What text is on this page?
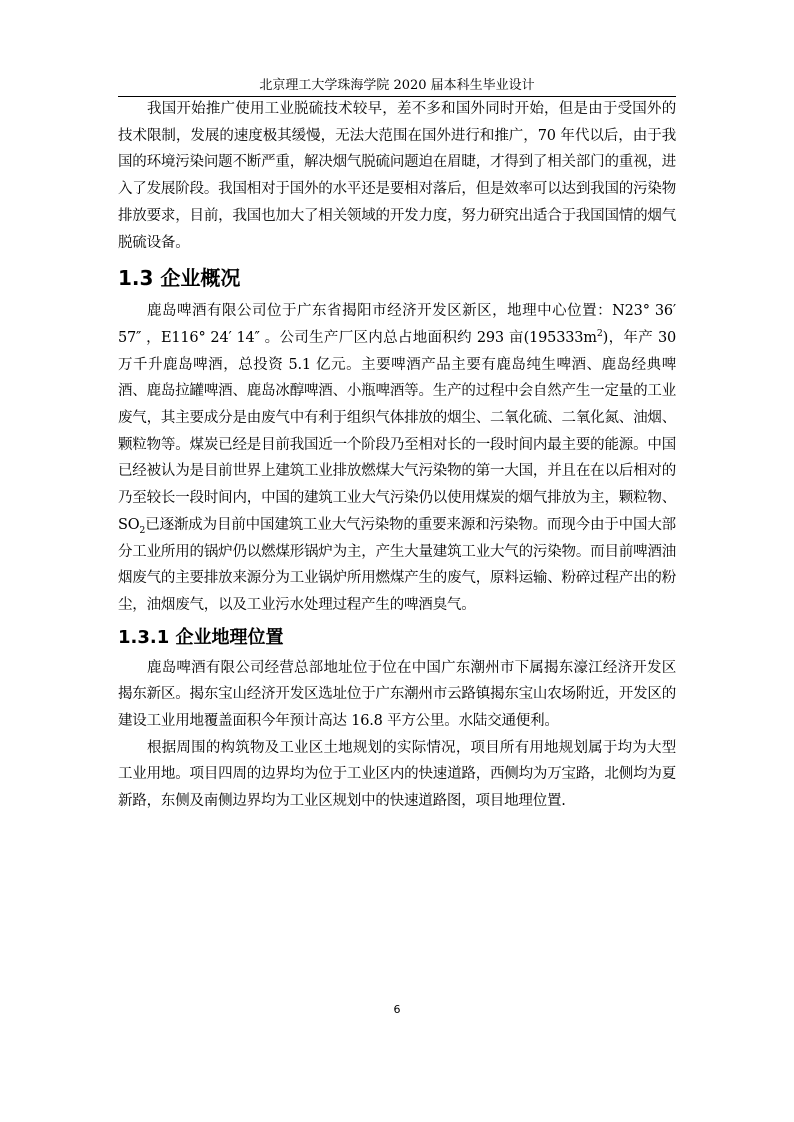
北京理工大学珠海学院 2020 届本科生毕业设计

我国开始推广使用工业脱硫技术较早，差不多和国外同时开始，但是由于受国外的技术限制，发展的速度极其缓慢，无法大范围在国外进行和推广，70 年代以后，由于我国的环境污染问题不断严重，解决烟气脱硫问题迫在眉睫，才得到了相关部门的重视，进入了发展阶段。我国相对于国外的水平还是要相对落后，但是效率可以达到我国的污染物排放要求，目前，我国也加大了相关领域的开发力度，努力研究出适合于我国国情的烟气脱硫设备。

1.3 企业概况

鹿岛啤酒有限公司位于广东省揭阳市经济开发区新区，地理中心位置：N23° 36′ 57″ ，E116° 24′ 14″ 。公司生产厂区内总占地面积约 293 亩$(195333m^2)$，年产 30 万千升鹿岛啤酒，总投资 5.1 亿元。主要啤酒产品主要有鹿岛纯生啤酒、鹿岛经典啤酒、鹿岛拉罐啤酒、鹿岛冰醇啤酒、小瓶啤酒等。生产的过程中会自然产生一定量的工业废气，其主要成分是由废气中有利于组织气体排放的烟尘、二氧化硫、二氧化氮、油烟、颗粒物等。煤炭已经是目前我国近一个阶段乃至相对长的一段时间内最主要的能源。中国已经被认为是目前世界上建筑工业排放燃煤大气污染物的第一大国，并且在在以后相对的乃至较长一段时间内，中国的建筑工业大气污染仍以使用煤炭的烟气排放为主，颗粒物、$SO_2$已逐渐成为目前中国建筑工业大气污染物的重要来源和污染物。而现今由于中国大部分工业所用的锅炉仍以燃煤形锅炉为主，产生大量建筑工业大气的污染物。而目前啤酒油烟废气的主要排放来源分为工业锅炉所用燃煤产生的废气，原料运输、粉碎过程产出的粉尘，油烟废气，以及工业污水处理过程产生的啤酒臭气。

1.3.1 企业地理位置

鹿岛啤酒有限公司经营总部地址位于位在中国广东潮州市下属揭东濠江经济开发区揭东新区。揭东宝山经济开发区选址位于广东潮州市云路镇揭东宝山农场附近，开发区的建设工业用地覆盖面积今年预计高达 16.8 平方公里。水陆交通便利。

根据周围的构筑物及工业区土地规划的实际情况，项目所有用地规划属于均为大型工业用地。项目四周的边界均为位于工业区内的快速道路，西侧均为万宝路，北侧均为夏新路，东侧及南侧边界均为工业区规划中的快速道路图，项目地理位置.

6
